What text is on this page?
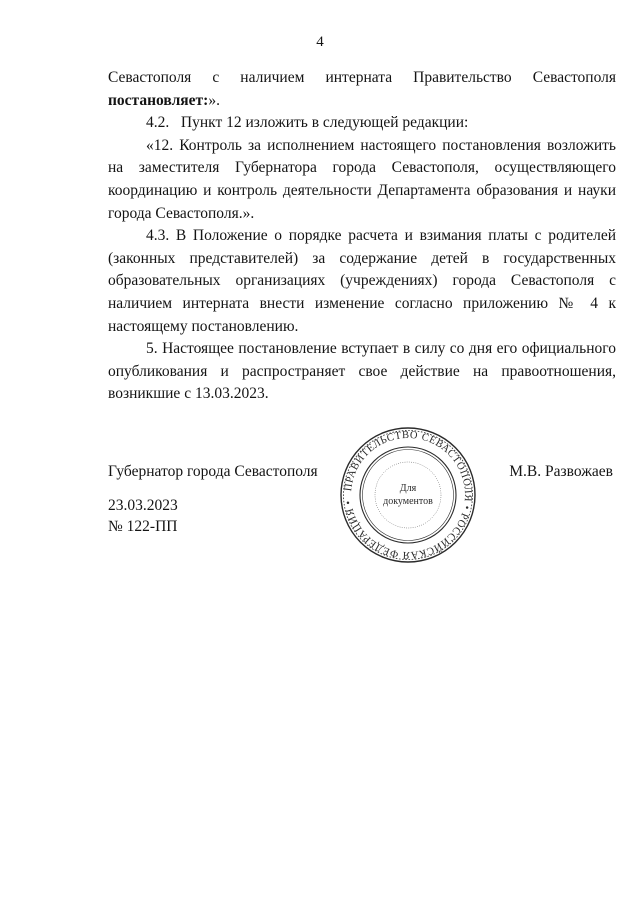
4

Севастополя с наличием интерната Правительство Севастополя постановляет:».

4.2.   Пункт 12 изложить в следующей редакции:

«12. Контроль за исполнением настоящего постановления возложить на заместителя Губернатора города Севастополя, осуществляющего координацию и контроль деятельности Департамента образования и науки города Севастополя.».

4.3. В Положение о порядке расчета и взимания платы с родителей (законных представителей) за содержание детей в государственных образовательных организациях (учреждениях) города Севастополя с наличием интерната внести изменение согласно приложению № 4 к настоящему постановлению.

5. Настоящее постановление вступает в силу со дня его официального опубликования и распространяет свое действие на правоотношения, возникшие с 13.03.2023.

Губернатор города Севастополя
ПРАВИТЕЛЬСТВО СЕВАСТОПОЛЯ • РОССИЙСКАЯ ФЕДЕРАЦИЯ •
Для
документов
М.В. Развожаев
23.03.2023
№ 122-ПП
